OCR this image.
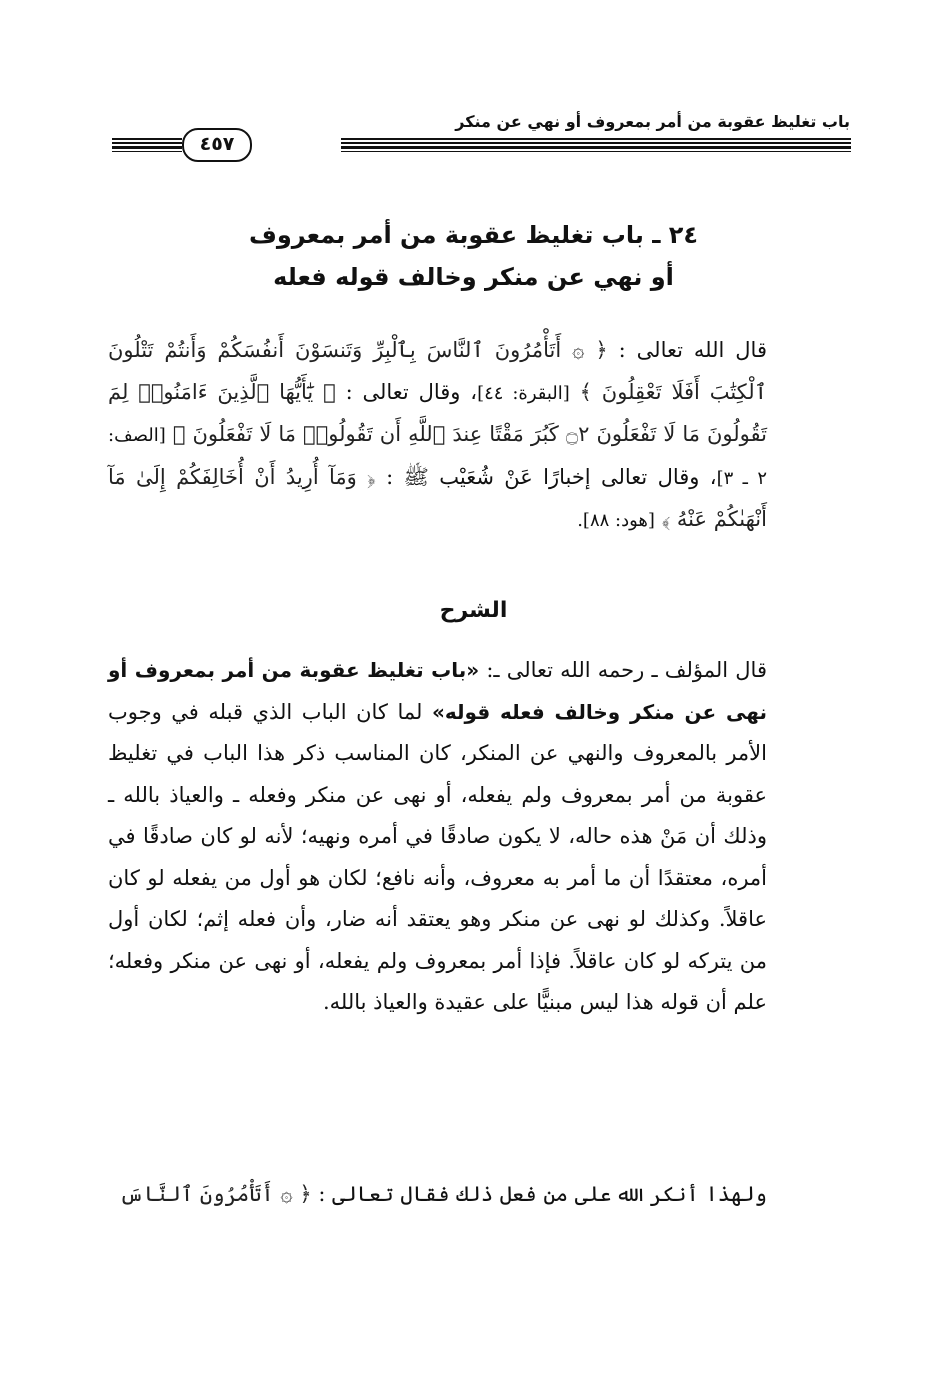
باب تغليظ عقوبة من أمر بمعروف أو نهي عن منكر
٤٥٧
٢٤ ـ باب تغليظ عقوبة من أمر بمعروف
أو نهي عن منكر وخالف قوله فعله
قال الله تعالى : ﴿ ۞ أَتَأْمُرُونَ ٱلنَّاسَ بِٱلْبِرِّ وَتَنسَوْنَ أَنفُسَكُمْ وَأَنتُمْ تَتْلُونَ ٱلْكِتَٰبَ أَفَلَا تَعْقِلُونَ ﴾ [البقرة: ٤٤]، وقال تعالى : ﴿ يَٰٓأَيُّهَا ٱلَّذِينَ ءَامَنُوا۟ لِمَ تَقُولُونَ مَا لَا تَفْعَلُونَ ۝٢ كَبُرَ مَقْتًا عِندَ ٱللَّهِ أَن تَقُولُوا۟ مَا لَا تَفْعَلُونَ ﴾ [الصف: ٢ ـ ٣]، وقال تعالى إخبارًا عَنْ شُعَيْب ﷺ : ﴿ وَمَآ أُرِيدُ أَنْ أُخَالِفَكُمْ إِلَىٰ مَآ أَنْهَىٰكُمْ عَنْهُ ﴾ [هود: ٨٨].
الشرح
قال المؤلف ـ رحمه الله تعالى ـ: «باب تغليظ عقوبة من أمر بمعروف أو نهى عن منكر وخالف فعله قوله» لما كان الباب الذي قبله في وجوب الأمر بالمعروف والنهي عن المنكر، كان المناسب ذكر هذا الباب في تغليظ عقوبة من أمر بمعروف ولم يفعله، أو نهى عن منكر وفعله ـ والعياذ بالله ـ وذلك أن مَنْ هذه حاله، لا يكون صادقًا في أمره ونهيه؛ لأنه لو كان صادقًا في أمره، معتقدًا أن ما أمر به معروف، وأنه نافع؛ لكان هو أول من يفعله لو كان عاقلاً. وكذلك لو نهى عن منكر وهو يعتقد أنه ضار، وأن فعله إثم؛ لكان أول من يتركه لو كان عاقلاً. فإذا أمر بمعروف ولم يفعله، أو نهى عن منكر وفعله؛ علم أن قوله هذا ليس مبنيًّا على عقيدة والعياذ بالله.
ولهذا أنكر الله على من فعل ذلك فقال تعالى : ﴿ ۞ أَتَأْمُرُونَ ٱلنَّاسَ
